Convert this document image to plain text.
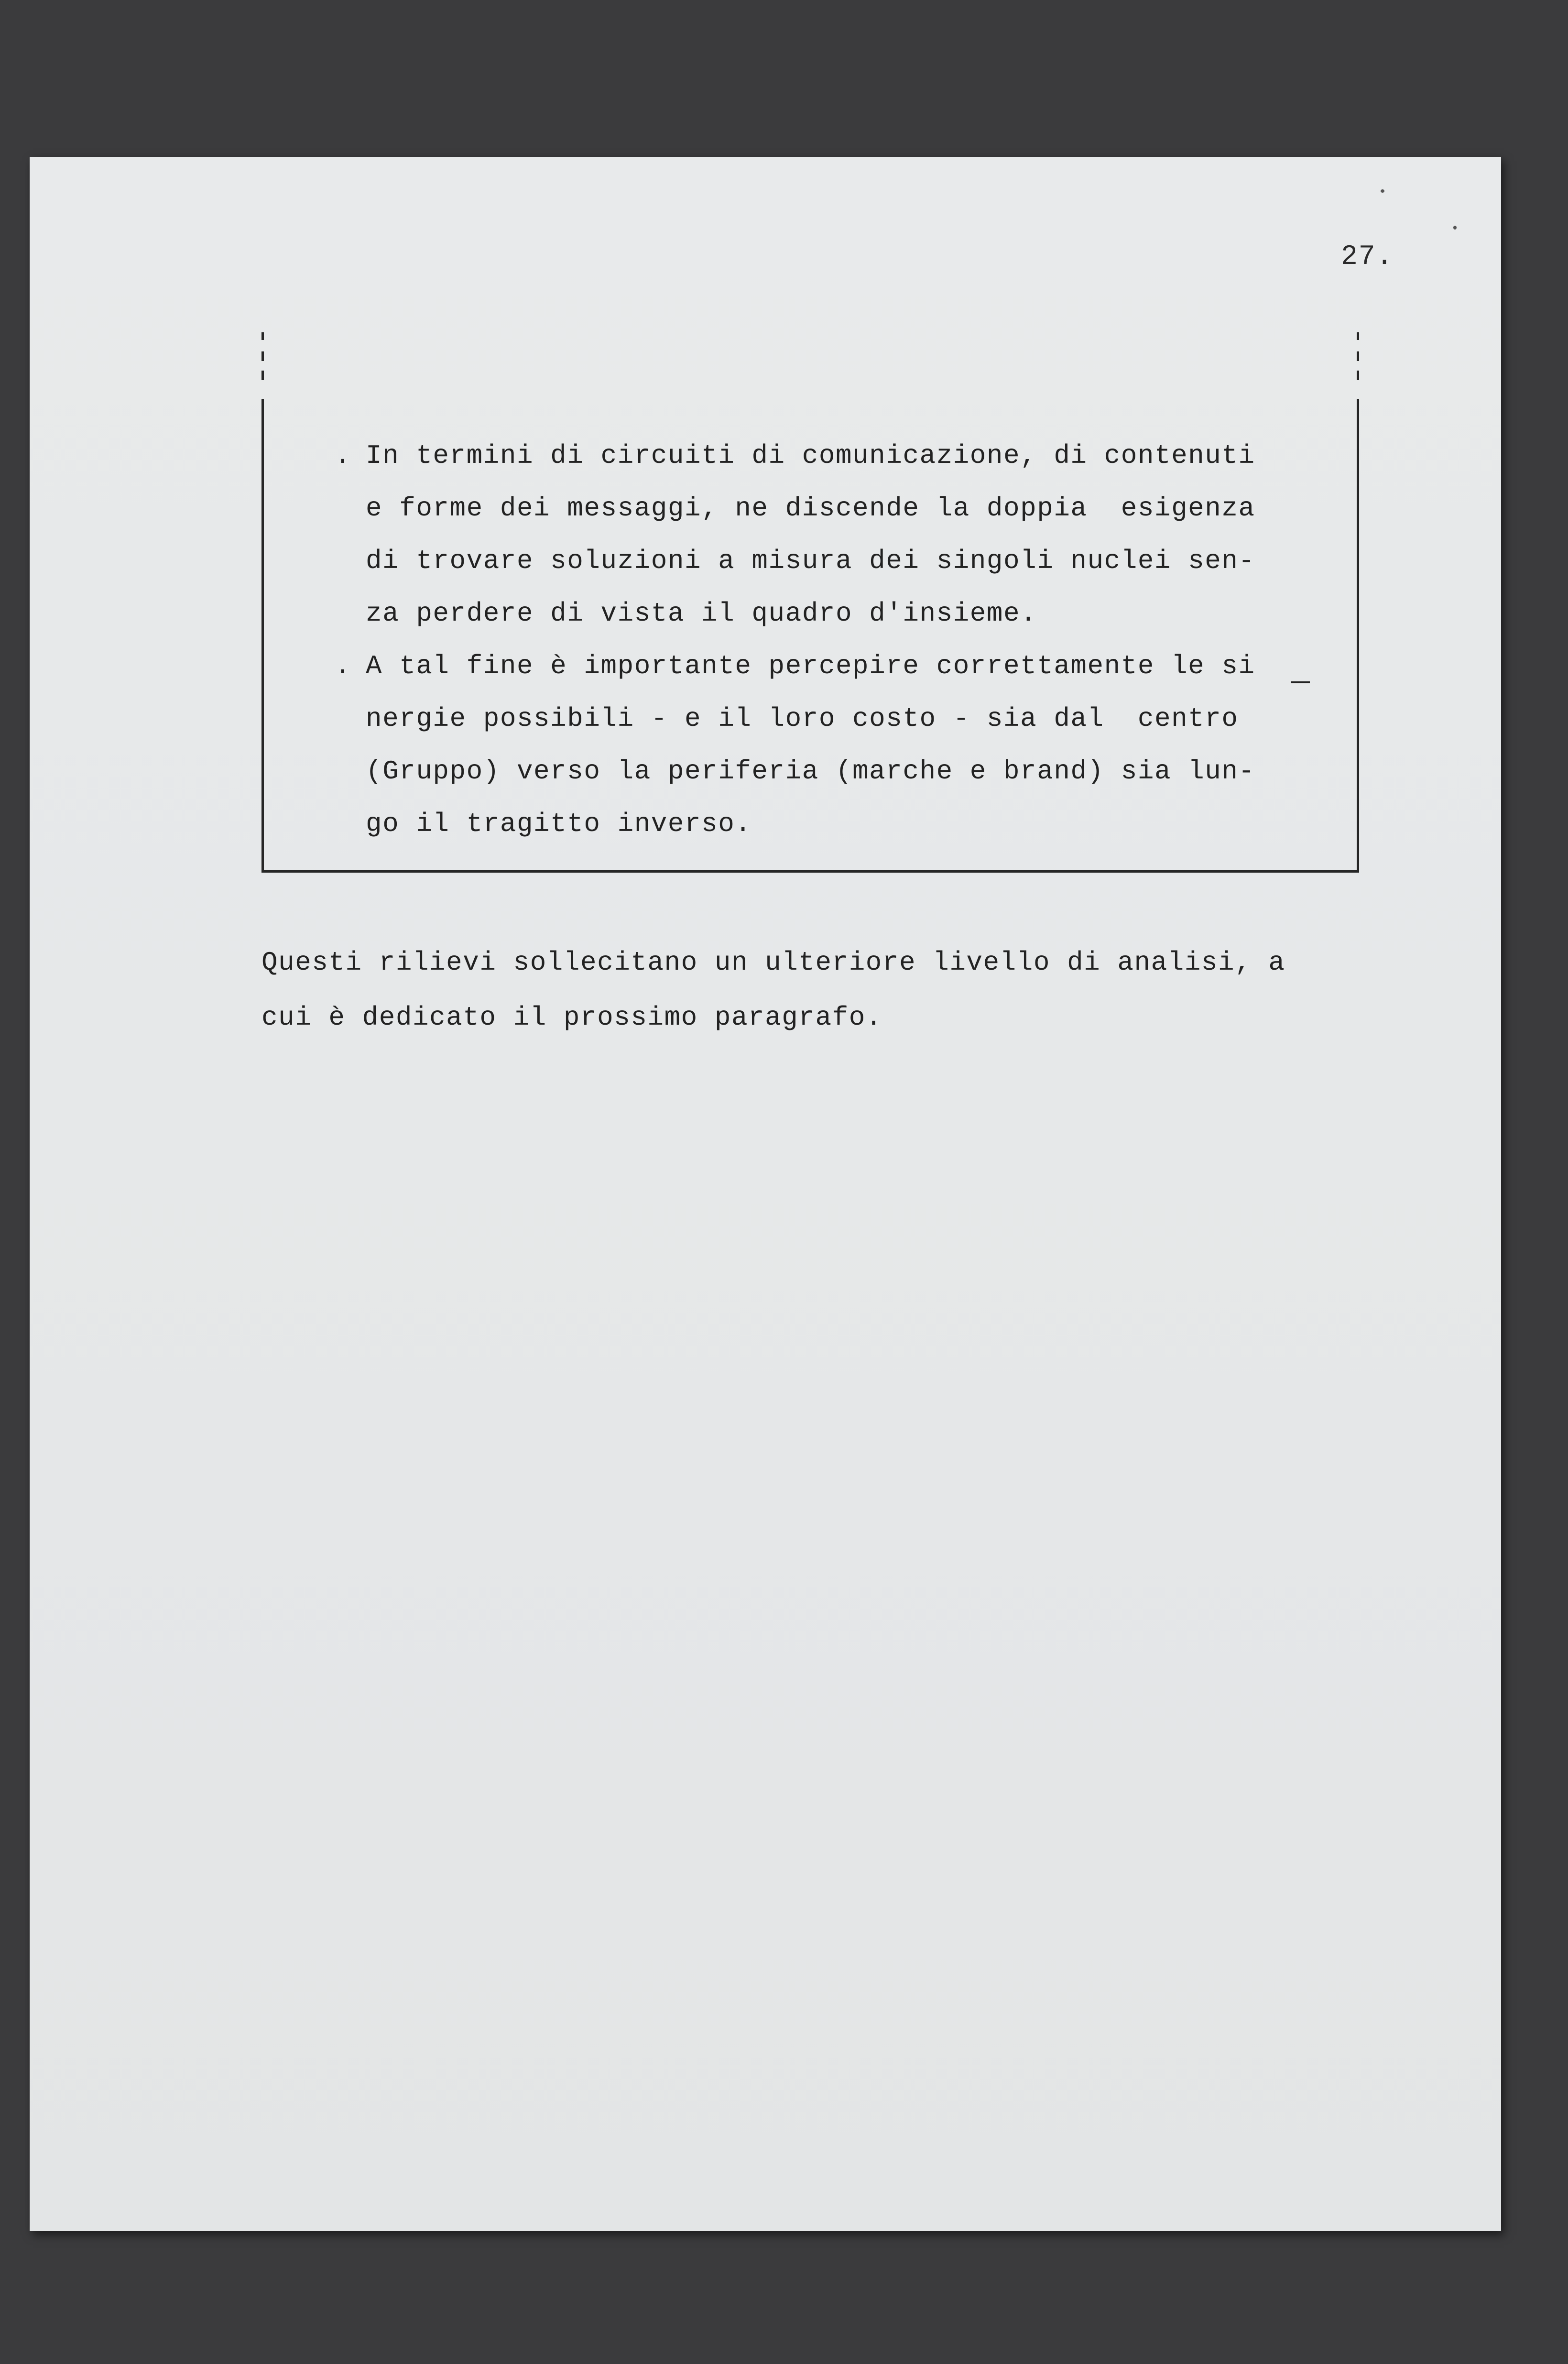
27.
. In termini di circuiti di comunicazione, di contenuti
e forme dei messaggi, ne discende la doppia  esigenza
di trovare soluzioni a misura dei singoli nuclei sen-
za perdere di vista il quadro d'insieme.
. A tal fine è importante percepire correttamente le si
nergie possibili - e il loro costo - sia dal  centro
(Gruppo) verso la periferia (marche e brand) sia lun-
go il tragitto inverso.
Questi rilievi sollecitano un ulteriore livello di analisi, a
cui è dedicato il prossimo paragrafo.
